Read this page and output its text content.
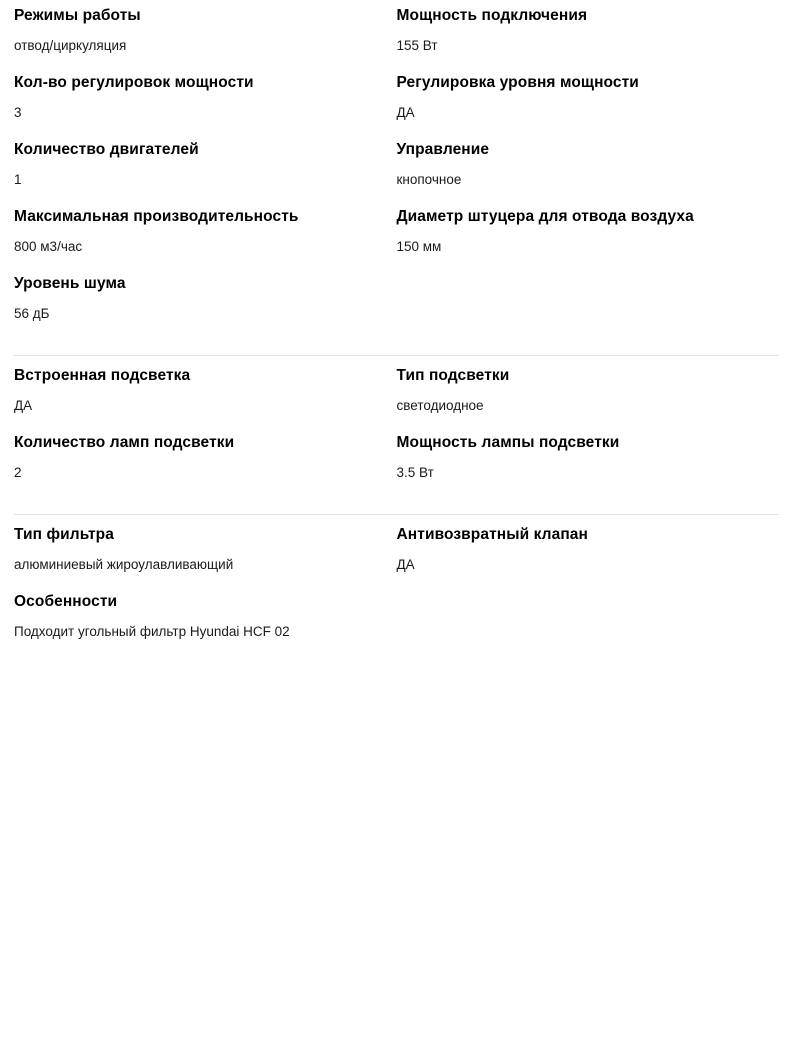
Режимы работы
отвод/циркуляция
Мощность подключения
155 Вт
Кол-во регулировок мощности
3
Регулировка уровня мощности
ДА
Количество двигателей
1
Управление
кнопочное
Максимальная производительность
800 м3/час
Диаметр штуцера для отвода воздуха
150 мм
Уровень шума
56 дБ
Встроенная подсветка
ДА
Тип подсветки
светодиодное
Количество ламп подсветки
2
Мощность лампы подсветки
3.5 Вт
Тип фильтра
алюминиевый жироулавливающий
Антивозвратный клапан
ДА
Особенности
Подходит угольный фильтр Hyundai HCF 02
